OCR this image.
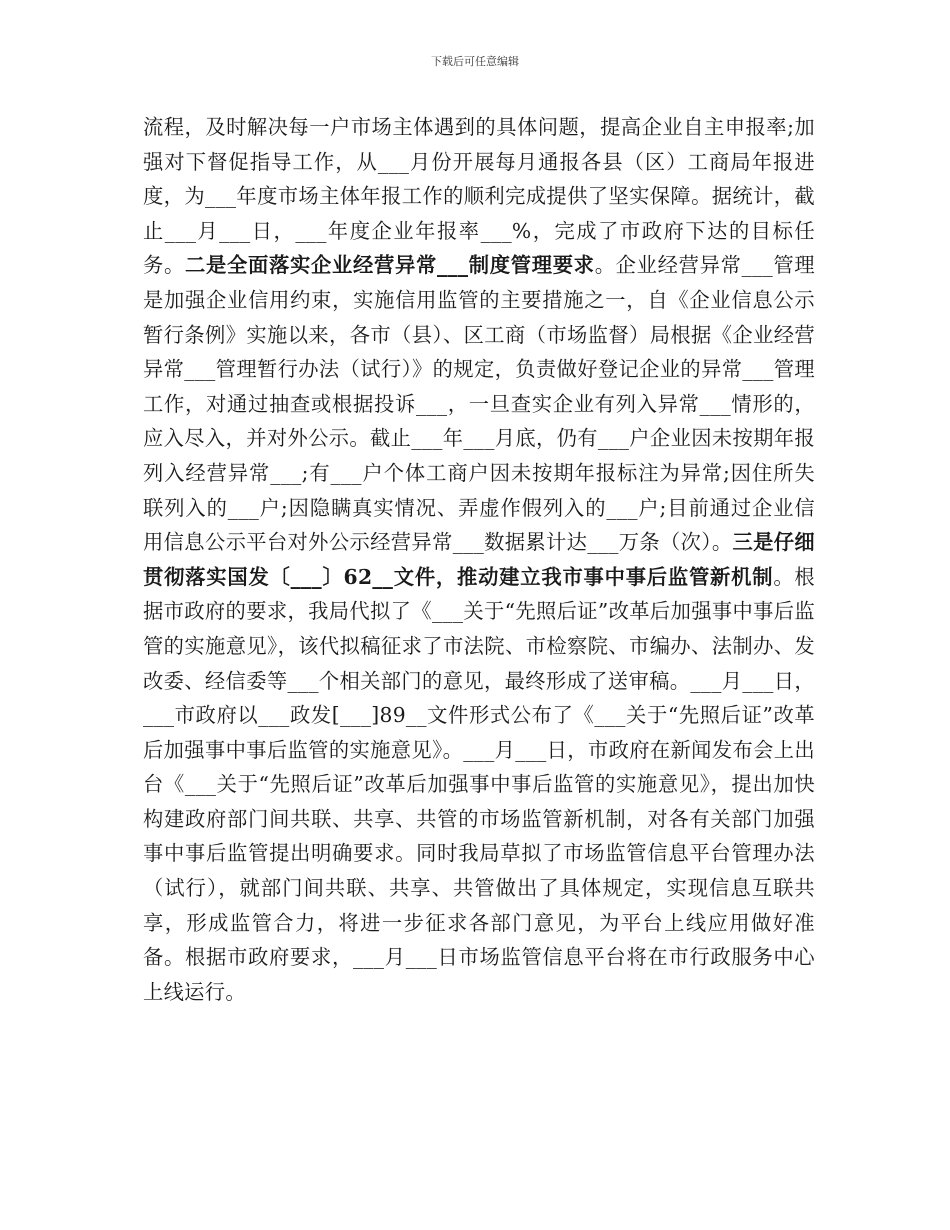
下载后可任意编辑

流程，及时解决每一户市场主体遇到的具体问题，提高企业自主申报率;加强对下督促指导工作，从___月份开展每月通报各县（区）工商局年报进度，为___年度市场主体年报工作的顺利完成提供了坚实保障。据统计，截止___月___日，___年度企业年报率___%，完成了市政府下达的目标任务。二是全面落实企业经营异常___制度管理要求。企业经营异常___管理是加强企业信用约束，实施信用监管的主要措施之一，自《企业信息公示暂行条例》实施以来，各市（县）、区工商（市场监督）局根据《企业经营异常___管理暂行办法（试行）》的规定，负责做好登记企业的异常___管理工作，对通过抽查或根据投诉___，一旦查实企业有列入异常___情形的，应入尽入，并对外公示。截止___年___月底，仍有___户企业因未按期年报列入经营异常___;有___户个体工商户因未按期年报标注为异常;因住所失联列入的___户;因隐瞒真实情况、弄虚作假列入的___户;目前通过企业信用信息公示平台对外公示经营异常___数据累计达___万条（次）。三是仔细贯彻落实国发〔___〕62__文件，推动建立我市事中事后监管新机制。根据市政府的要求，我局代拟了《___关于“先照后证”改革后加强事中事后监管的实施意见》，该代拟稿征求了市法院、市检察院、市编办、法制办、发改委、经信委等___个相关部门的意见，最终形成了送审稿。___月___日，___市政府以___政发[___]89__文件形式公布了《___关于“先照后证”改革后加强事中事后监管的实施意见》。___月___日，市政府在新闻发布会上出台《___关于“先照后证”改革后加强事中事后监管的实施意见》，提出加快构建政府部门间共联、共享、共管的市场监管新机制，对各有关部门加强事中事后监管提出明确要求。同时我局草拟了市场监管信息平台管理办法（试行），就部门间共联、共享、共管做出了具体规定，实现信息互联共享，形成监管合力，将进一步征求各部门意见，为平台上线应用做好准备。根据市政府要求，___月___日市场监管信息平台将在市行政服务中心上线运行。
